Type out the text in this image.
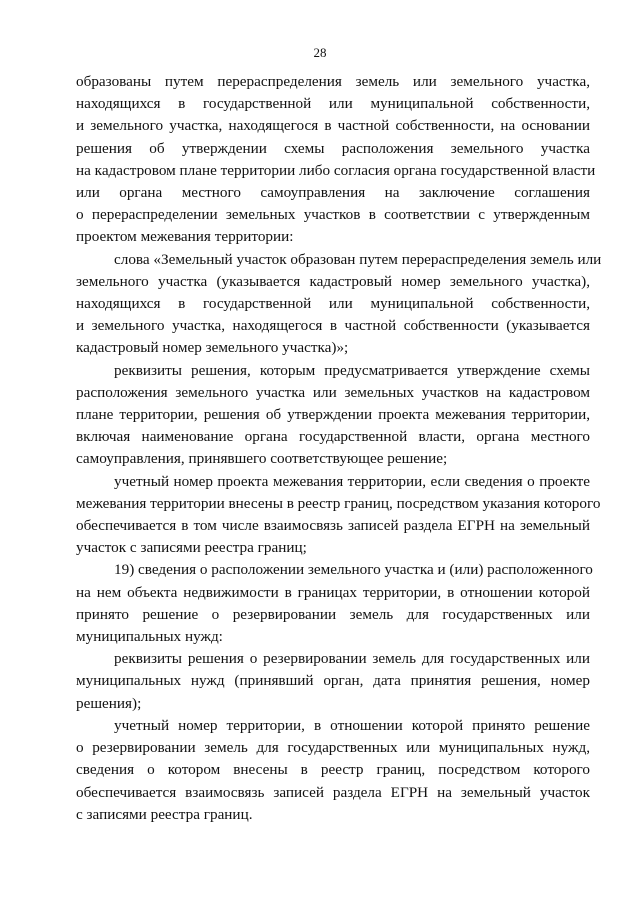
28
образованы путем перераспределения земель или земельного участка,
находящихся в государственной или муниципальной собственности,
и земельного участка, находящегося в частной собственности, на основании
решения об утверждении схемы расположения земельного участка
на кадастровом плане территории либо согласия органа государственной власти
или органа местного самоуправления на заключение соглашения
о перераспределении земельных участков в соответствии с утвержденным
проектом межевания территории:
слова «Земельный участок образован путем перераспределения земель или
земельного участка (указывается кадастровый номер земельного участка),
находящихся в государственной или муниципальной собственности,
и земельного участка, находящегося в частной собственности (указывается
кадастровый номер земельного участка)»;
реквизиты решения, которым предусматривается утверждение схемы
расположения земельного участка или земельных участков на кадастровом
плане территории, решения об утверждении проекта межевания территории,
включая наименование органа государственной власти, органа местного
самоуправления, принявшего соответствующее решение;
учетный номер проекта межевания территории, если сведения о проекте
межевания территории внесены в реестр границ, посредством указания которого
обеспечивается в том числе взаимосвязь записей раздела ЕГРН на земельный
участок с записями реестра границ;
19) сведения о расположении земельного участка и (или) расположенного
на нем объекта недвижимости в границах территории, в отношении которой
принято решение о резервировании земель для государственных или
муниципальных нужд:
реквизиты решения о резервировании земель для государственных или
муниципальных нужд (принявший орган, дата принятия решения, номер
решения);
учетный номер территории, в отношении которой принято решение
о резервировании земель для государственных или муниципальных нужд,
сведения о котором внесены в реестр границ, посредством которого
обеспечивается взаимосвязь записей раздела ЕГРН на земельный участок
с записями реестра границ.
